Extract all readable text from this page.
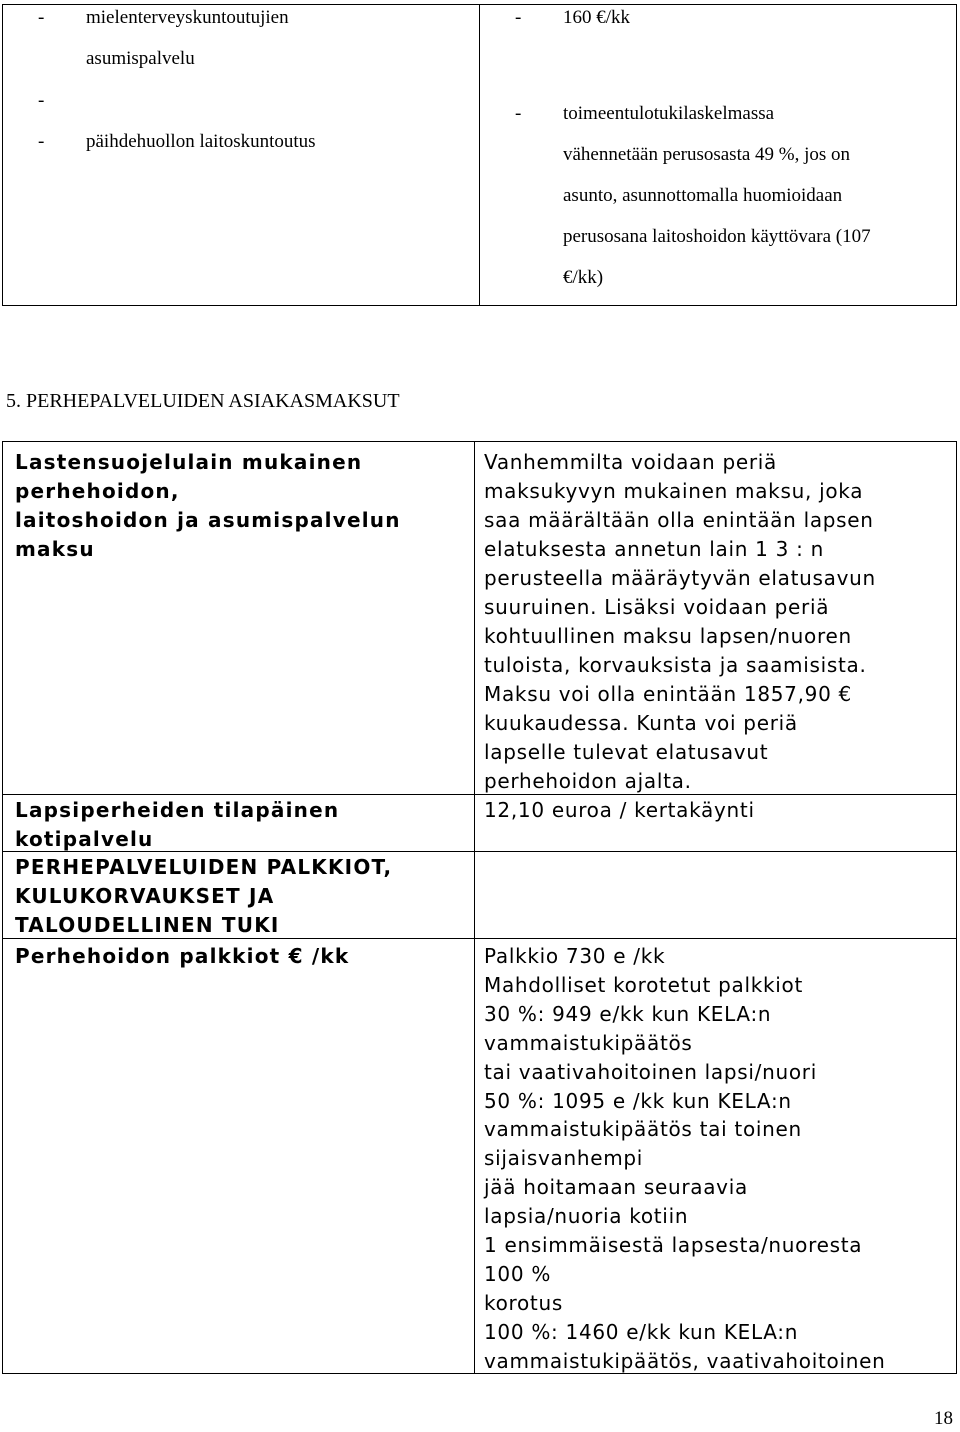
- mielenterveyskuntoutujien
asumispalvelu
-
- päihdehuollon laitoskuntoutus
- 160 €/kk
- toimeentulotukilaskelmassa
vähennetään perusosasta 49 %, jos on
asunto, asunnottomalla huomioidaan
perusosana laitoshoidon käyttövara (107
€/kk)
5. PERHEPALVELUIDEN ASIAKASMAKSUT
Lastensuojelulain mukainen
perhehoidon,
laitoshoidon ja asumispalvelun
maksu
Vanhemmilta voidaan periä
maksukyvyn mukainen maksu, joka
saa määrältään olla enintään lapsen
elatuksesta annetun lain 1 3 : n
perusteella määräytyvän elatusavun
suuruinen. Lisäksi voidaan periä
kohtuullinen maksu lapsen/nuoren
tuloista, korvauksista ja saamisista.
Maksu voi olla enintään 1857,90 €
kuukaudessa. Kunta voi periä
lapselle tulevat elatusavut
perhehoidon ajalta.
Lapsiperheiden tilapäinen
kotipalvelu
12,10 euroa / kertakäynti
PERHEPALVELUIDEN PALKKIOT,
KULUKORVAUKSET JA
TALOUDELLINEN TUKI
Perhehoidon palkkiot € /kk	Palkkio 730 e /kk
Mahdolliset korotetut palkkiot
30 %: 949 e/kk kun KELA:n
vammaistukipäätös
tai vaativahoitoinen lapsi/nuori
50 %: 1095 e /kk kun KELA:n
vammaistukipäätös tai toinen
sijaisvanhempi
jää hoitamaan seuraavia
lapsia/nuoria kotiin
1 ensimmäisestä lapsesta/nuoresta
100 %
korotus
100 %: 1460 e/kk kun KELA:n
vammaistukipäätös, vaativahoitoinen
18
